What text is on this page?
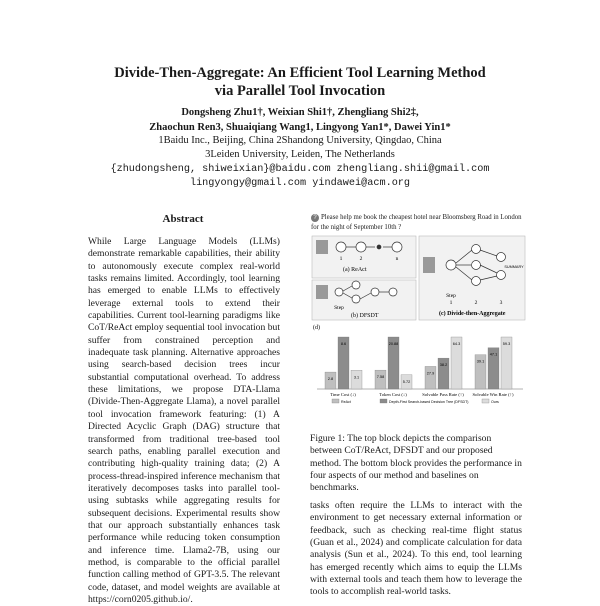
Divide-Then-Aggregate: An Efficient Tool Learning Method
via Parallel Tool Invocation
Dongsheng Zhu1†, Weixian Shi1†, Zhengliang Shi2‡,
Zhaochun Ren3, Shuaiqiang Wang1, Lingyong Yan1*, Dawei Yin1*
1Baidu Inc., Beijing, China 2Shandong University, Qingdao, China
3Leiden University, Leiden, The Netherlands
{zhudongsheng, shiweixian}@baidu.com zhengliang.shii@gmail.com
lingyongy@gmail.com yindawei@acm.org
Abstract
While Large Language Models (LLMs) demonstrate remarkable capabilities, their ability to autonomously execute complex real-world tasks remains limited. Accordingly, tool learning has emerged to enable LLMs to effectively leverage external tools to extend their capabilities. Current tool-learning paradigms like CoT/ReAct employ sequential tool invocation but suffer from constrained perception and inadequate task planning. Alternative approaches using search-based decision trees incur substantial computational overhead. To address these limitations, we propose DTA-Llama (Divide-Then-Aggregate Llama), a novel parallel tool invocation framework featuring: (1) A Directed Acyclic Graph (DAG) structure that transformed from traditional tree-based tool search paths, enabling parallel execution and contributing high-quality training data; (2) A process-thread-inspired inference mechanism that iteratively decomposes tasks into parallel tool-using subtasks while aggregating results for subsequent decisions. Experimental results show that our approach substantially enhances task performance while reducing token consumption and inference time. Llama2-7B, using our method, is comparable to the official parallel function calling method of GPT-3.5. The relevant code, dataset, and model weights are available at https://corn0205.github.io/.
? Please help me book the cheapest hotel near Bloomsberg Road in London for the night of September 10th ?
1	2	n
(a) ReAct
Step
(b) DFSDT
SUMMARY
Step
1	2	3
(c) Divide-then-Aggregate
(d)
2.8
8.6
3.1
Time Cost (↓)
7.58
20.88
5.72
Token Cost (↓)
27.9
38.2
64.3
Solvable Pass Rate (↑)
39.1
47.1
59.3
Solvable Win Rate (↑)
ReAct	Depth-First Search-based Decision Tree (DFSDT)	Ours
Figure 1: The top block depicts the comparison between CoT/ReAct, DFSDT and our proposed method. The bottom block provides the performance in four aspects of our method and baselines on benchmarks.
tasks often require the LLMs to interact with the environment to get necessary external information or feedback, such as checking real-time flight status (Guan et al., 2024) and complicate calculation for data analysis (Sun et al., 2024). To this end, tool learning has emerged recently which aims to equip the LLMs with external tools and teach them how to leverage the tools to accomplish real-world tasks.
